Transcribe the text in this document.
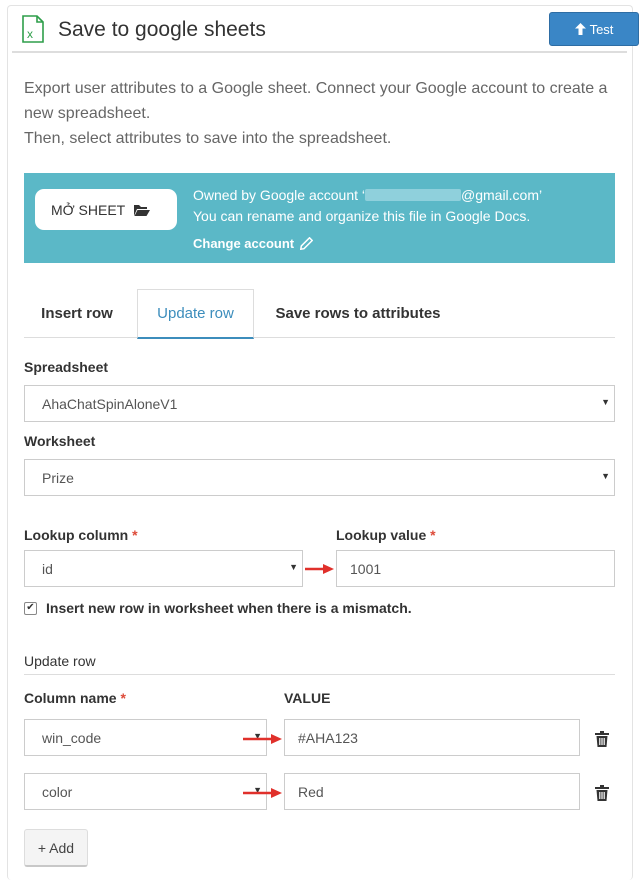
x Save to google sheets	Test

Export user attributes to a Google sheet. Connect your Google account to create a new spreadsheet.

Then, select attributes to save into the spreadsheet.

MỞ SHEET
Owned by Google account ‘	@gmail.com’
You can rename and organize this file in Google Docs.
Change account
Insert row	Update row	Save rows to attributes
Spreadsheet
AhaChatSpinAloneV1	▼
Worksheet
Prize	▼
Lookup column *
id	▼
Lookup value *
1001
✔ Insert new row in worksheet when there is a mismatch.
Update row
Column name *	VALUE
win_code	▼	#AHA123
color	▼	Red
+ Add
